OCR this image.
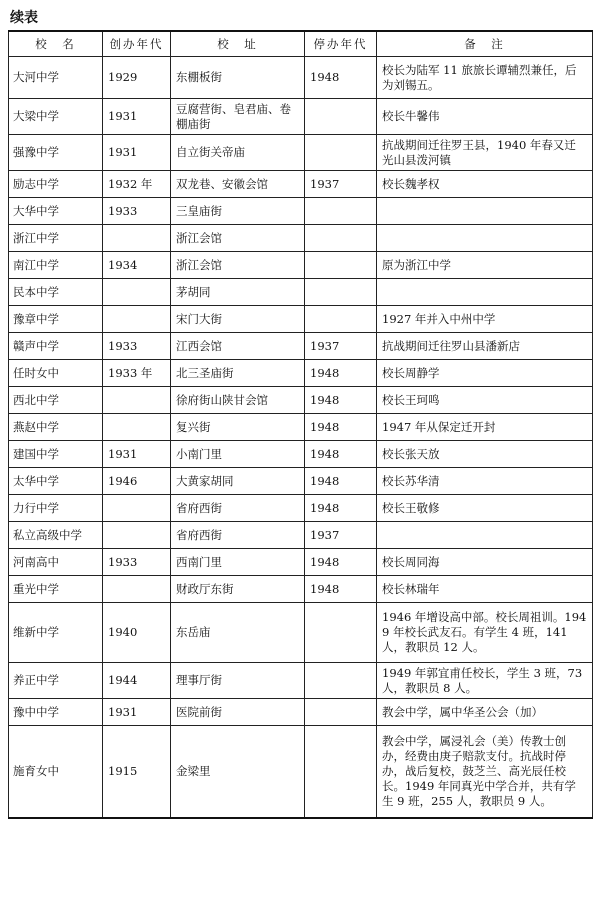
续表
校　名	创办年代	校　址	停办年代	备　注
大河中学	1929	东棚板街	1948	校长为陆军 11 旅旅长谭辅烈兼任，后为刘锡五。
大梁中学	1931	豆腐营街、皂君庙、卷棚庙街		校长牛馨伟
强豫中学	1931	自立街关帝庙		抗战期间迁往罗王县，1940 年春又迁光山县泼河镇
励志中学	1932 年	双龙巷、安徽会馆	1937	校长魏孝权
大华中学	1933	三皇庙街		
浙江中学		浙江会馆		
南江中学	1934	浙江会馆		原为浙江中学
民本中学		茅胡同		
豫章中学		宋门大街		1927 年并入中州中学
赣声中学	1933	江西会馆	1937	抗战期间迁往罗山县潘新店
任时女中	1933 年	北三圣庙街	1948	校长周静学
西北中学		徐府街山陕甘会馆	1948	校长王珂鸣
燕赵中学		复兴街	1948	1947 年从保定迁开封
建国中学	1931	小南门里	1948	校长张天放
太华中学	1946	大黄家胡同	1948	校长苏华清
力行中学		省府西街	1948	校长王敬修
私立高级中学		省府西街	1937	
河南高中	1933	西南门里	1948	校长周同海
重光中学		财政厅东街	1948	校长林瑞年
维新中学	1940	东岳庙		1946 年增设高中部。校长周祖训。1949 年校长武友石。有学生 4 班，141 人，教职员 12 人。
养正中学	1944	理事厅街		1949 年郭宜甫任校长，学生 3 班，73 人，教职员 8 人。
豫中中学	1931	医院前街		教会中学，属中华圣公会（加）
施育女中	1915	金梁里		教会中学，属浸礼会（美）传教士创办，经费由庚子赔款支付。抗战时停办，战后复校，鼓芝兰、高光辰任校长。1949 年同真光中学合并，共有学生 9 班，255 人，教职员 9 人。
